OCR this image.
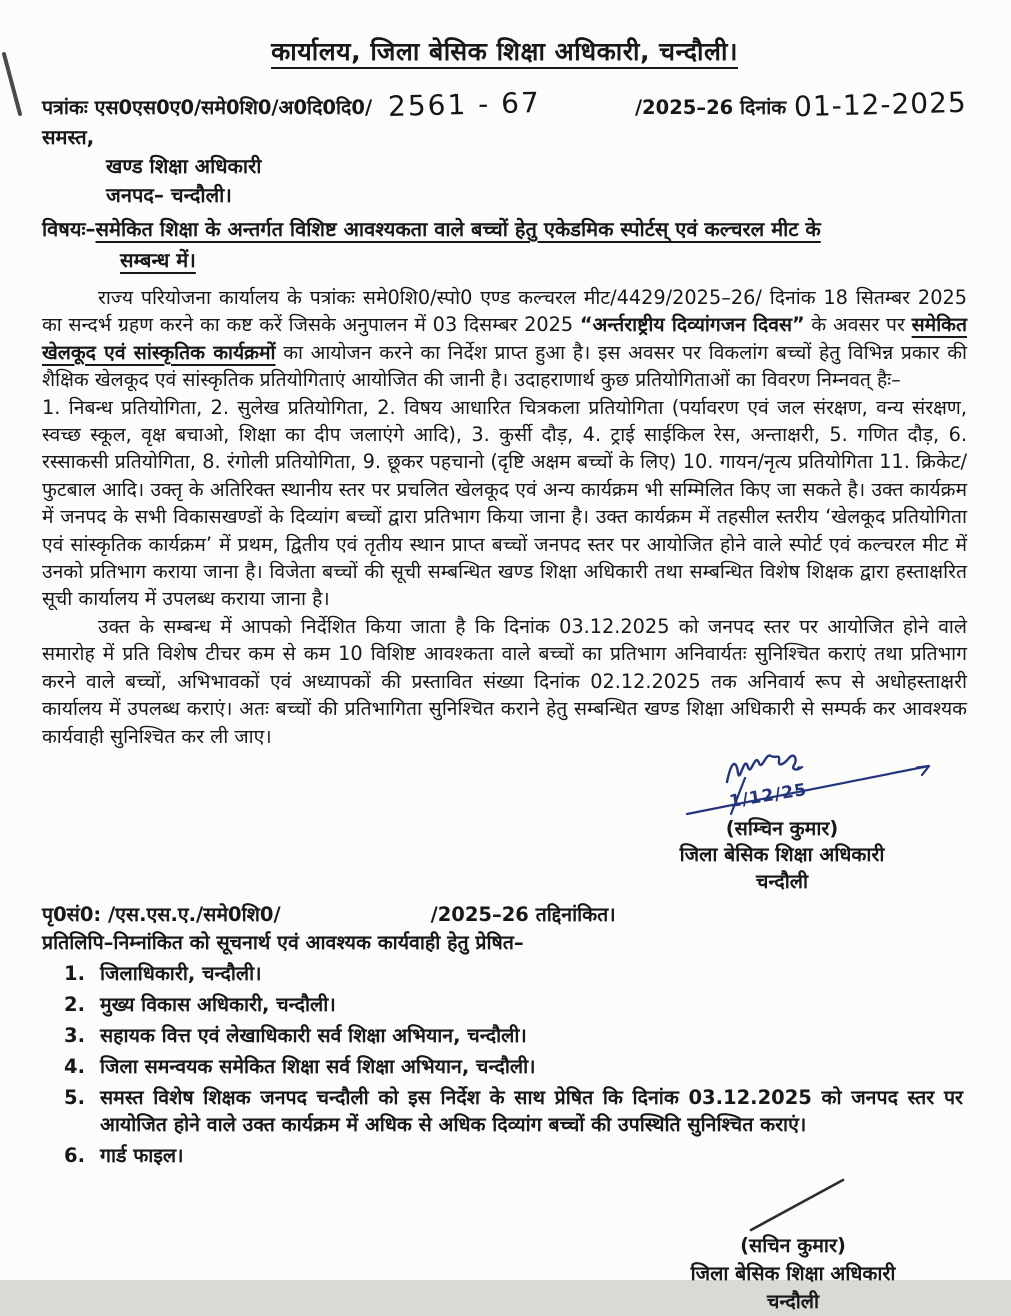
कार्यालय, जिला बेसिक शिक्षा अधिकारी, चन्दौली।
पत्रांकः एस0एस0ए0/समे0शि0/अ0दि0दि0/ 2561 - 67	/2025–26 दिनांक 01-12-2025
समस्त,
खण्ड शिक्षा अधिकारी
जनपद– चन्दौली।
विषयः–समेकित शिक्षा के अन्तर्गत विशिष्ट आवश्यकता वाले बच्चों हेतु एकेडमिक स्पोर्टस् एवं कल्चरल मीट के
सम्बन्ध में।
राज्य परियोजना कार्यालय के पत्रांकः समे0शि0/स्पो0 एण्ड कल्चरल मीट/4429/2025–26/ दिनांक 18 सितम्बर 2025 का सन्दर्भ ग्रहण करने का कष्ट करें जिसके अनुपालन में 03 दिसम्बर 2025 “अर्न्तराष्ट्रीय दिव्यांगजन दिवस” के अवसर पर समेकित खेलकूद एवं सांस्कृतिक कार्यक्रमों का आयोजन करने का निर्देश प्राप्त हुआ है। इस अवसर पर विकलांग बच्चों हेतु विभिन्न प्रकार की शैक्षिक खेलकूद एवं सांस्कृतिक प्रतियोगिताएं आयोजित की जानी है। उदाहराणार्थ कुछ प्रतियोगिताओं का विवरण निम्नवत् हैः–
1. निबन्ध प्रतियोगिता, 2. सुलेख प्रतियोगिता, 2. विषय आधारित चित्रकला प्रतियोगिता (पर्यावरण एवं जल संरक्षण, वन्य संरक्षण, स्वच्छ स्कूल, वृक्ष बचाओ, शिक्षा का दीप जलाएंगे आदि), 3. कुर्सी दौड़, 4. ट्राई साईकिल रेस, अन्ताक्षरी, 5. गणित दौड़, 6. रस्साकसी प्रतियोगिता, 8. रंगोली प्रतियोगिता, 9. छूकर पहचानो (दृष्टि अक्षम बच्चों के लिए) 10. गायन/नृत्य प्रतियोगिता 11. क्रिकेट/फुटबाल आदि। उक्तृ के अतिरिक्त स्थानीय स्तर पर प्रचलित खेलकूद एवं अन्य कार्यक्रम भी सम्मिलित किए जा सकते है। उक्त कार्यक्रम में जनपद के सभी विकासखण्डों के दिव्यांग बच्चों द्वारा प्रतिभाग किया जाना है। उक्त कार्यक्रम में तहसील स्तरीय ‘खेलकूद प्रतियोगिता एवं सांस्कृतिक कार्यक्रम’ में प्रथम, द्वितीय एवं तृतीय स्थान प्राप्त बच्चों जनपद स्तर पर आयोजित होने वाले स्पोर्ट एवं कल्चरल मीट में उनको प्रतिभाग कराया जाना है। विजेता बच्चों की सूची सम्बन्धित खण्ड शिक्षा अधिकारी तथा सम्बन्धित विशेष शिक्षक द्वारा हस्ताक्षरित सूची कार्यालय में उपलब्ध कराया जाना है।
उक्त के सम्बन्ध में आपको निर्देशित किया जाता है कि दिनांक 03.12.2025 को जनपद स्तर पर आयोजित होने वाले समारोह में प्रति विशेष टीचर कम से कम 10 विशिष्ट आवश्कता वाले बच्चों का प्रतिभाग अनिवार्यतः सुनिश्चित कराएं तथा प्रतिभाग करने वाले बच्चों, अभिभावकों एवं अध्यापकों की प्रस्तावित संख्या दिनांक 02.12.2025 तक अनिवार्य रूप से अधोहस्ताक्षरी कार्यालय में उपलब्ध कराएं। अतः बच्चों की प्रतिभागिता सुनिश्चित कराने हेतु सम्बन्धित खण्ड शिक्षा अधिकारी से सम्पर्क कर आवश्यक कार्यवाही सुनिश्चित कर ली जाए।
1/12/25
(सम्चिन कुमार)
जिला बेसिक शिक्षा अधिकारी
चन्दौली
पृ0सं0: /एस.एस.ए./समे0शि0/	/2025–26 तद्दिनांकित।
प्रतिलिपि–निम्नांकित को सूचनार्थ एवं आवश्यक कार्यवाही हेतु प्रेषित–
1. जिलाधिकारी, चन्दौली।
2. मुख्य विकास अधिकारी, चन्दौली।
3. सहायक वित्त एवं लेखाधिकारी सर्व शिक्षा अभियान, चन्दौली।
4. जिला समन्वयक समेकित शिक्षा सर्व शिक्षा अभियान, चन्दौली।
5. समस्त विशेष शिक्षक जनपद चन्दौली को इस निर्देश के साथ प्रेषित कि दिनांक 03.12.2025 को जनपद स्तर पर आयोजित होने वाले उक्त कार्यक्रम में अधिक से अधिक दिव्यांग बच्चों की उपस्थिति सुनिश्चित कराएं।
6. गार्ड फाइल।
(सचिन कुमार)
जिला बेसिक शिक्षा अधिकारी
चन्दौली
